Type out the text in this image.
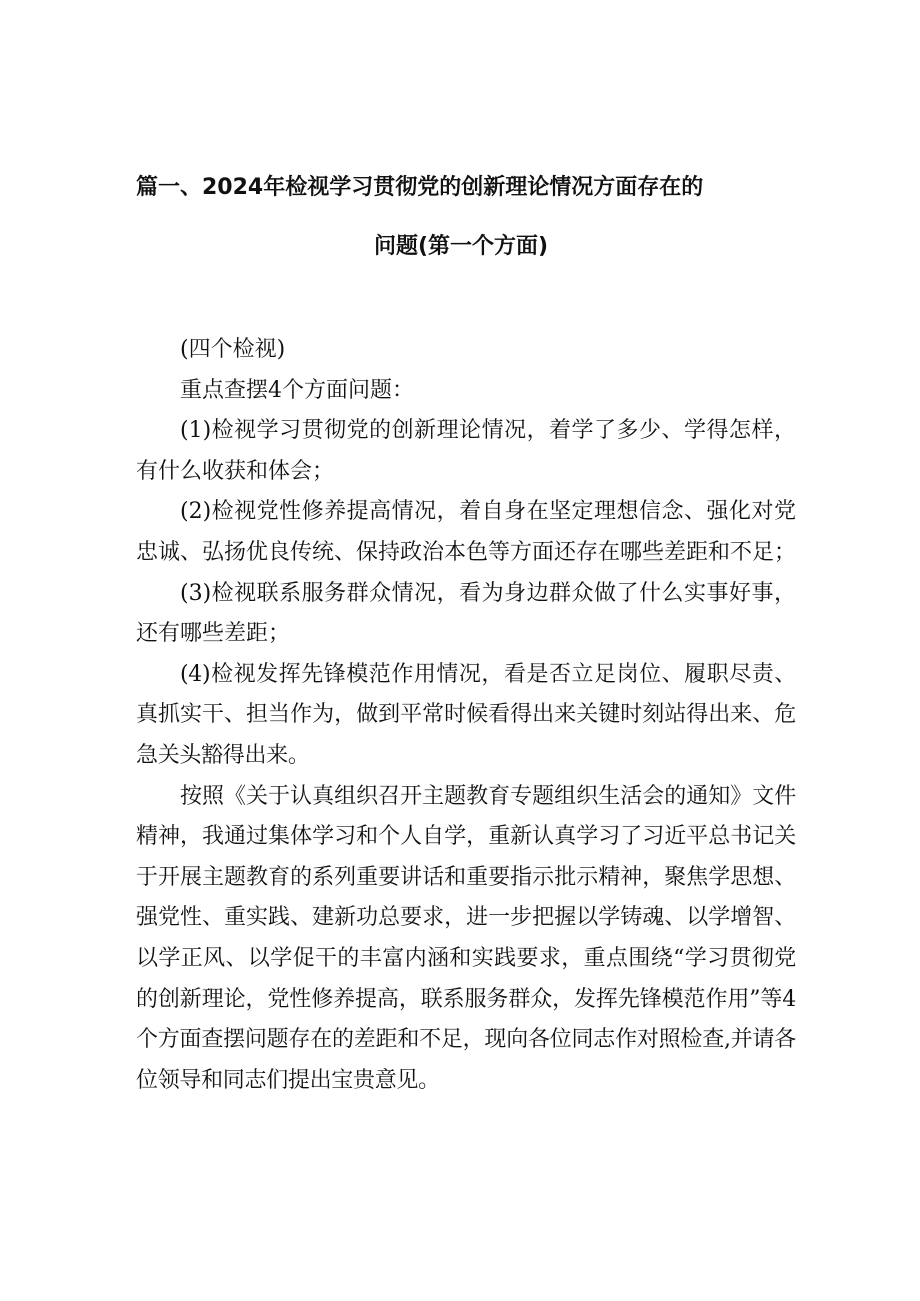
篇一、2024年检视学习贯彻党的创新理论情况方面存在的
问题(第一个方面)

(四个检视)

重点查摆4个方面问题：

(1)检视学习贯彻党的创新理论情况，着学了多少、学得怎样，有什么收获和体会；

(2)检视党性修养提高情况，着自身在坚定理想信念、强化对党忠诚、弘扬优良传统、保持政治本色等方面还存在哪些差距和不足；

(3)检视联系服务群众情况，看为身边群众做了什么实事好事，还有哪些差距；

(4)检视发挥先锋模范作用情况，看是否立足岗位、履职尽责、真抓实干、担当作为，做到平常时候看得出来关键时刻站得出来、危急关头豁得出来。

按照《关于认真组织召开主题教育专题组织生活会的通知》文件精神，我通过集体学习和个人自学，重新认真学习了习近平总书记关于开展主题教育的系列重要讲话和重要指示批示精神，聚焦学思想、强党性、重实践、建新功总要求，进一步把握以学铸魂、以学增智、以学正风、以学促干的丰富内涵和实践要求，重点围绕“学习贯彻党的创新理论，党性修养提高，联系服务群众，发挥先锋模范作用”等4个方面查摆问题存在的差距和不足，现向各位同志作对照检查,并请各位领导和同志们提出宝贵意见。
